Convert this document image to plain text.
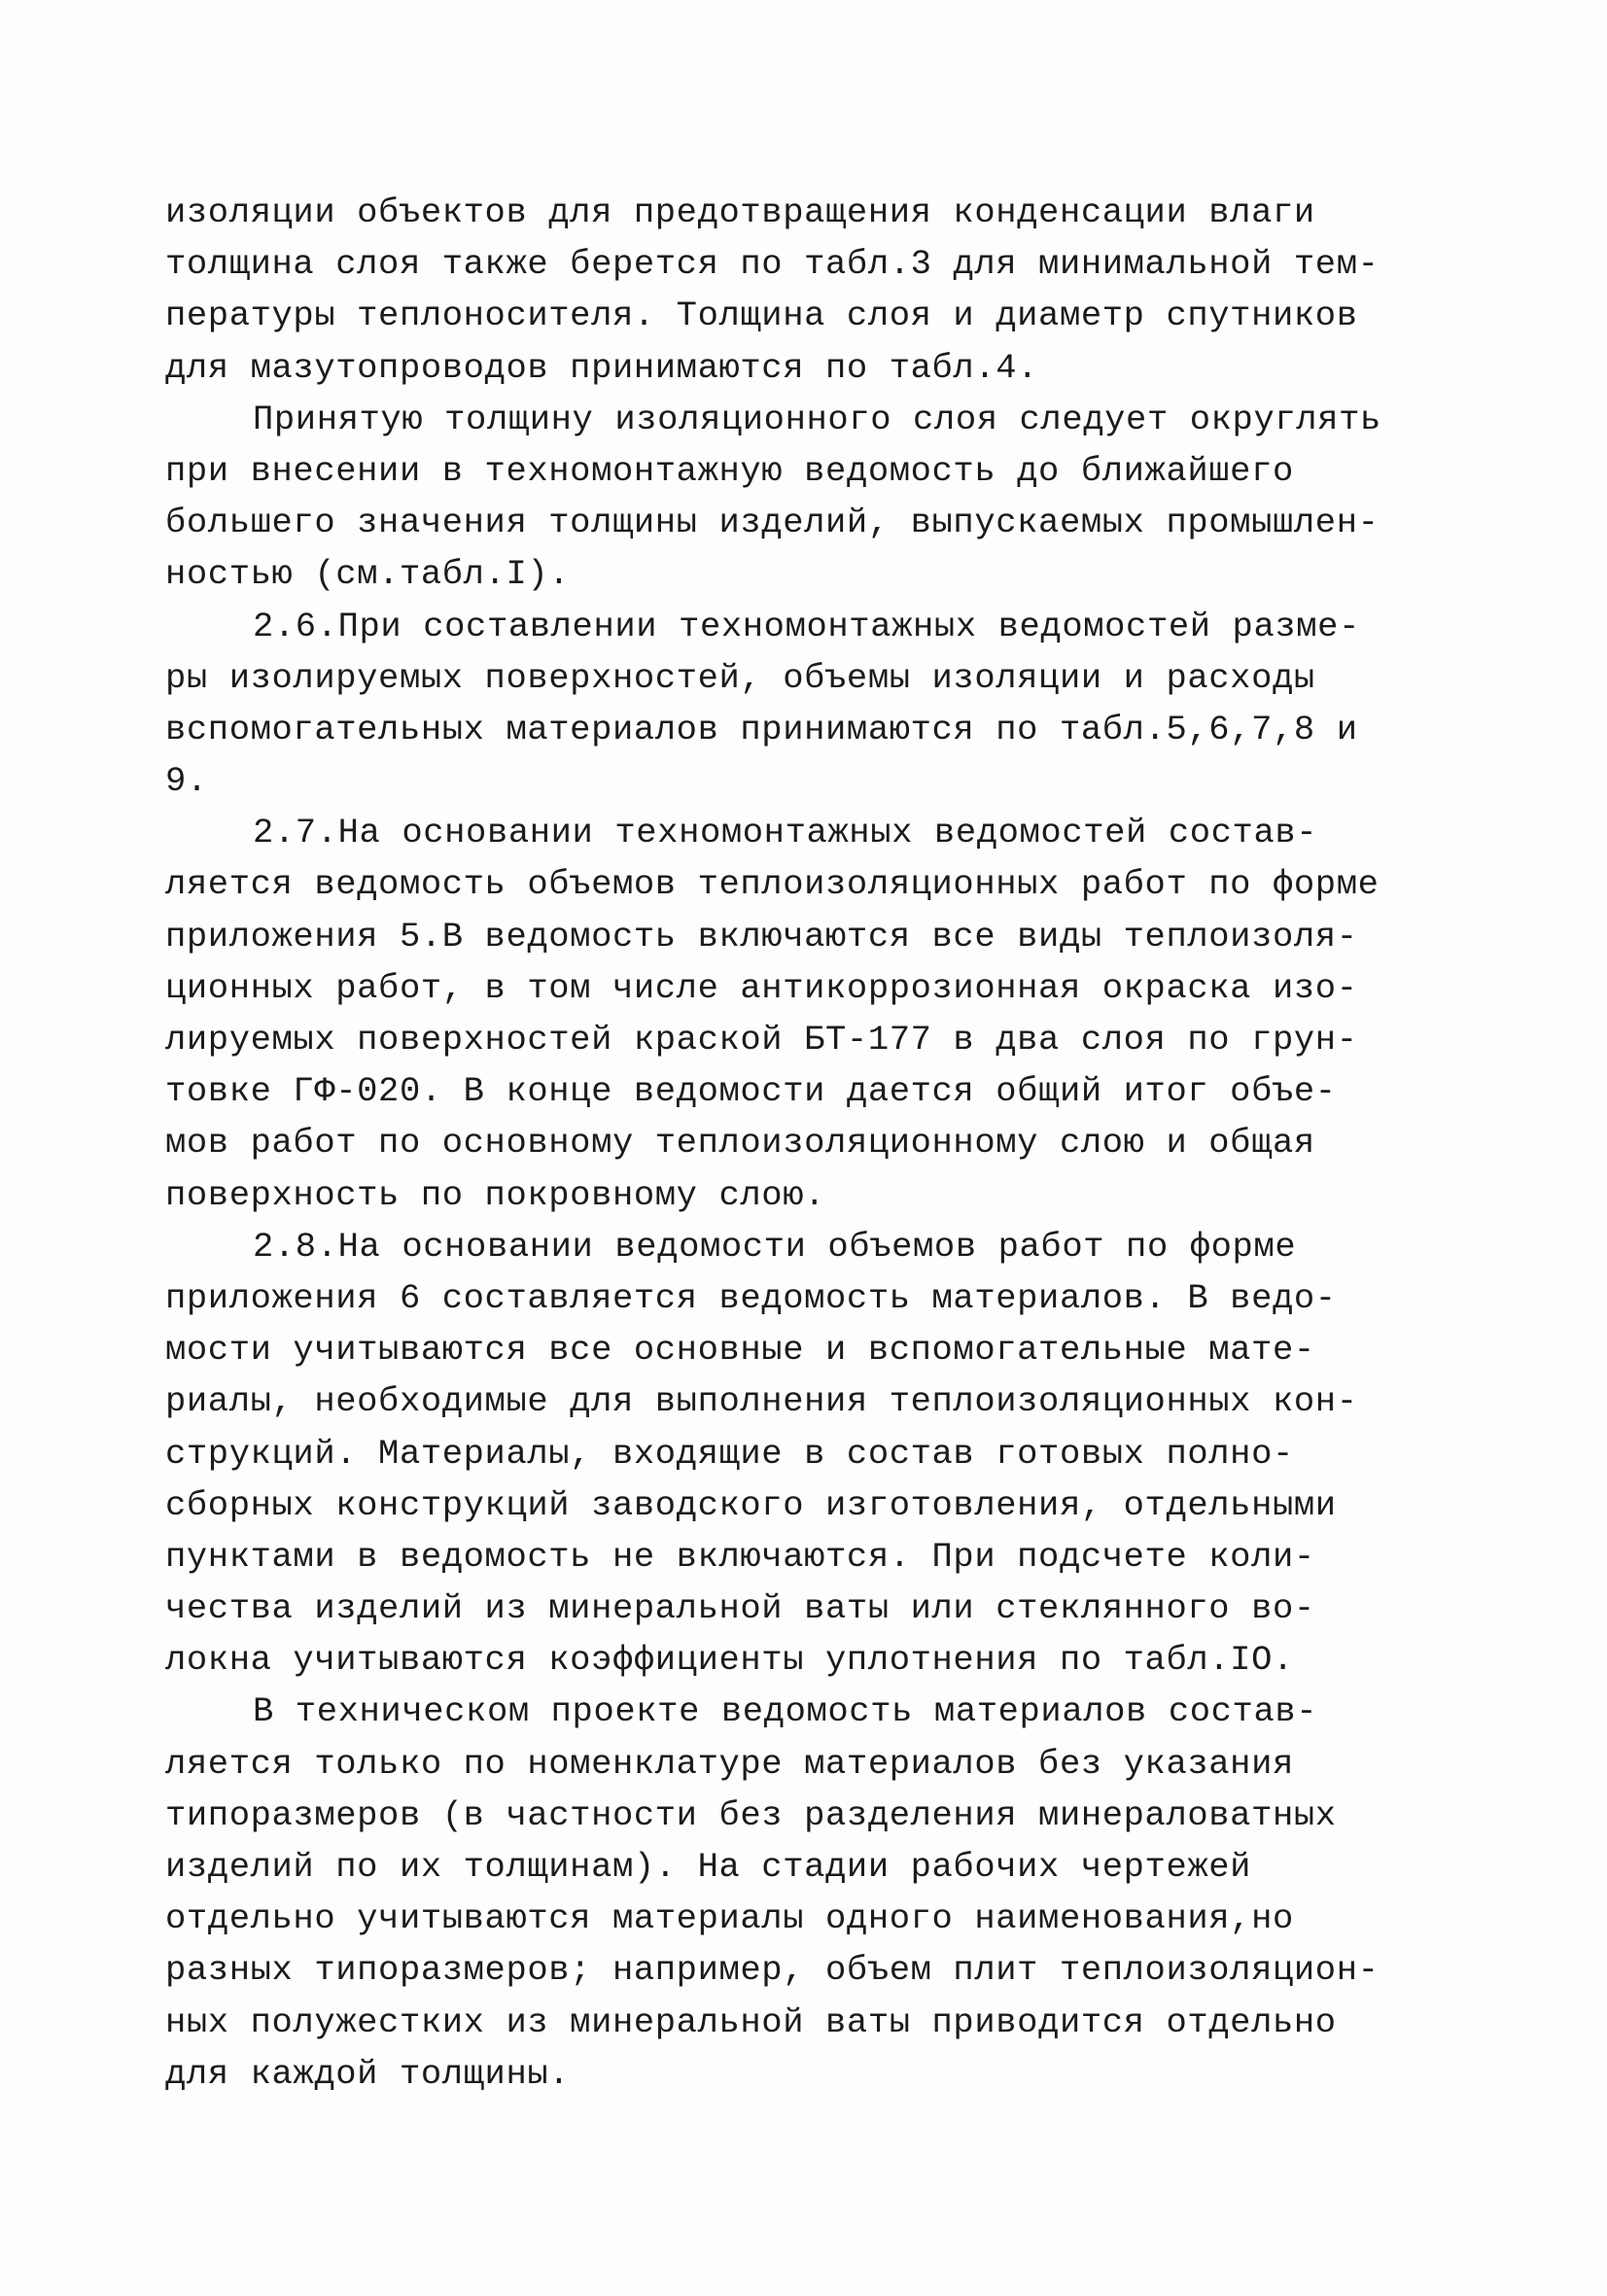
изоляции объектов для предотвращения конденсации влаги
толщина слоя также берется по табл.3 для минимальной тем-
пературы теплоносителя. Толщина слоя и диаметр спутников
для мазутопроводов принимаются по табл.4.
Принятую толщину изоляционного слоя следует округлять
при внесении в техномонтажную ведомость до ближайшего
большего значения толщины изделий, выпускаемых промышлен-
ностью (см.табл.I).
2.6.При составлении техномонтажных ведомостей разме-
ры изолируемых поверхностей, объемы изоляции и расходы
вспомогательных материалов принимаются по табл.5,6,7,8 и
9.
2.7.На основании техномонтажных ведомостей состав-
ляется ведомость объемов теплоизоляционных работ по форме
приложения 5.В ведомость включаются все виды теплоизоля-
ционных работ, в том числе антикоррозионная окраска изо-
лируемых поверхностей краской БТ-177 в два слоя по грун-
товке ГФ-020. В конце ведомости дается общий итог объе-
мов работ по основному теплоизоляционному слою и общая
поверхность по покровному слою.
2.8.На основании ведомости объемов работ по форме
приложения 6 составляется ведомость материалов. В ведо-
мости учитываются все основные и вспомогательные мате-
риалы, необходимые для выполнения теплоизоляционных кон-
струкций. Материалы, входящие в состав готовых полно-
сборных конструкций заводского изготовления, отдельными
пунктами в ведомость не включаются. При подсчете коли-
чества изделий из минеральной ваты или стеклянного во-
локна учитываются коэффициенты уплотнения по табл.IO.
В техническом проекте ведомость материалов состав-
ляется только по номенклатуре материалов без указания
типоразмеров (в частности без разделения минераловатных
изделий по их толщинам). На стадии рабочих чертежей
отдельно учитываются материалы одного наименования,но
разных типоразмеров; например, объем плит теплоизоляцион-
ных полужестких из минеральной ваты приводится отдельно
для каждой толщины.
